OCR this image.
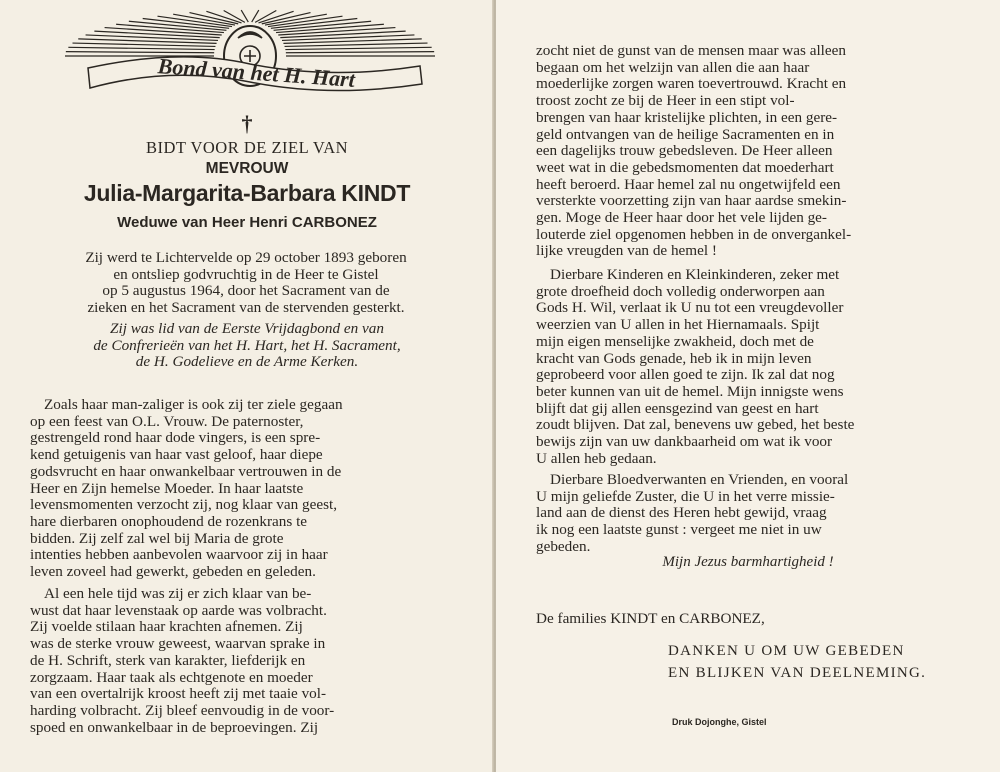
Bond van het H. Hart
†
BIDT VOOR DE ZIEL VAN
MEVROUW
Julia-Margarita-Barbara KINDT
Weduwe van Heer Henri CARBONEZ

Zij werd te Lichtervelde op 29 october 1893 geboren

en ontsliep godvruchtig in de Heer te Gistel

op 5 augustus 1964, door het Sacrament van de

zieken en het Sacrament van de stervenden gesterkt.

Zij was lid van de Eerste Vrijdagbond en van

de Confrerieën van het H. Hart, het H. Sacrament,

de H. Godelieve en de Arme Kerken.

Zoals haar man-zaliger is ook zij ter ziele gegaan

op een feest van O.L. Vrouw. De paternoster,

gestrengeld rond haar dode vingers, is een spre-

kend getuigenis van haar vast geloof, haar diepe

godsvrucht en haar onwankelbaar vertrouwen in de

Heer en Zijn hemelse Moeder. In haar laatste

levensmomenten verzocht zij, nog klaar van geest,

hare dierbaren onophoudend de rozenkrans te

bidden. Zij zelf zal wel bij Maria de grote

intenties hebben aanbevolen waarvoor zij in haar

leven zoveel had gewerkt, gebeden en geleden.

Al een hele tijd was zij er zich klaar van be-

wust dat haar levenstaak op aarde was volbracht.

Zij voelde stilaan haar krachten afnemen. Zij

was de sterke vrouw geweest, waarvan sprake in

de H. Schrift, sterk van karakter, liefderijk en

zorgzaam. Haar taak als echtgenote en moeder

van een overtalrijk kroost heeft zij met taaie vol-

harding volbracht. Zij bleef eenvoudig in de voor-

spoed en onwankelbaar in de beproevingen. Zij

zocht niet de gunst van de mensen maar was alleen

begaan om het welzijn van allen die aan haar

moederlijke zorgen waren toevertrouwd. Kracht en

troost zocht ze bij de Heer in een stipt vol-

brengen van haar kristelijke plichten, in een gere-

geld ontvangen van de heilige Sacramenten en in

een dagelijks trouw gebedsleven. De Heer alleen

weet wat in die gebedsmomenten dat moederhart

heeft beroerd. Haar hemel zal nu ongetwijfeld een

versterkte voorzetting zijn van haar aardse smekin-

gen. Moge de Heer haar door het vele lijden ge-

louterde ziel opgenomen hebben in de onvergankel-

lijke vreugden van de hemel !

Dierbare Kinderen en Kleinkinderen, zeker met

grote droefheid doch volledig onderworpen aan

Gods H. Wil, verlaat ik U nu tot een vreugdevoller

weerzien van U allen in het Hiernamaals. Spijt

mijn eigen menselijke zwakheid, doch met de

kracht van Gods genade, heb ik in mijn leven

geprobeerd voor allen goed te zijn. Ik zal dat nog

beter kunnen van uit de hemel. Mijn innigste wens

blijft dat gij allen eensgezind van geest en hart

zoudt blijven. Dat zal, benevens uw gebed, het beste

bewijs zijn van uw dankbaarheid om wat ik voor

U allen heb gedaan.

Dierbare Bloedverwanten en Vrienden, en vooral

U mijn geliefde Zuster, die U in het verre missie-

land aan de dienst des Heren hebt gewijd, vraag

ik nog een laatste gunst : vergeet me niet in uw

gebeden.

Mijn Jezus barmhartigheid !
De families KINDT en CARBONEZ,
DANKEN U OM UW GEBEDEN
EN BLIJKEN VAN DEELNEMING.
Druk Dojonghe, Gistel
